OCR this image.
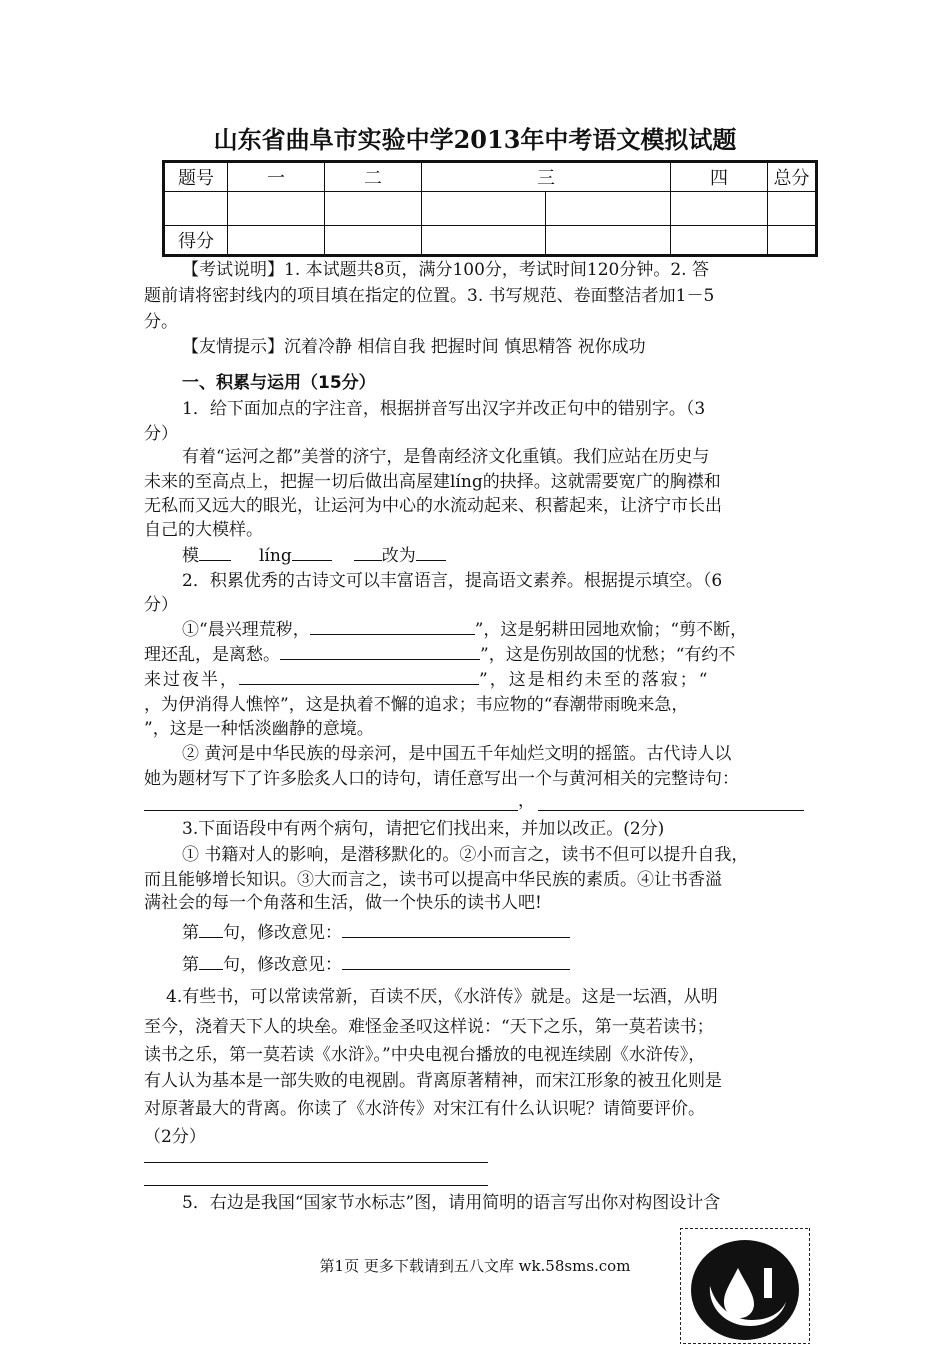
山东省曲阜市实验中学2013年中考语文模拟试题
题号	一	二	三		四	总分

得分						
【考试说明】1. 本试题共8页，满分100分，考试时间120分钟。2. 答
题前请将密封线内的项目填在指定的位置。3. 书写规范、卷面整洁者加1－5
分。
【友情提示】沉着冷静 相信自我 把握时间 慎思精答 祝你成功
一、积累与运用（15分）
1．给下面加点的字注音，根据拼音写出汉字并改正句中的错别字。（3
分）
有着“运河之都”美誉的济宁，是鲁南经济文化重镇。我们应站在历史与
未来的至高点上，把握一切后做出高屋建líng的抉择。这就需要宽广的胸襟和
无私而又远大的眼光，让运河为中心的水流动起来、积蓄起来，让济宁市长出
自己的大模样。
模	líng	改为
2．积累优秀的古诗文可以丰富语言，提高语文素养。根据提示填空。（6
分）
①“晨兴理荒秽，	”，这是躬耕田园地欢愉；“剪不断，
理还乱，是离愁。	”，这是伤别故国的忧愁；“有约不
来过夜半，	”，这是相约未至的落寂；“
，为伊消得人憔悴”，这是执着不懈的追求；韦应物的“春潮带雨晚来急，
”，这是一种恬淡幽静的意境。
② 黄河是中华民族的母亲河，是中国五千年灿烂文明的摇篮。古代诗人以
她为题材写下了许多脍炙人口的诗句，请任意写出一个与黄河相关的完整诗句：
，
3.下面语段中有两个病句，请把它们找出来，并加以改正。(2分)
① 书籍对人的影响，是潜移默化的。②小而言之，读书不但可以提升自我，
而且能够增长知识。③大而言之，读书可以提高中华民族的素质。④让书香溢
满社会的每一个角落和生活，做一个快乐的读书人吧!
第 句，修改意见：
第 句，修改意见：
4.有些书，可以常读常新，百读不厌，《水浒传》就是。这是一坛酒，从明
至今，浇着天下人的块垒。难怪金圣叹这样说：“天下之乐，第一莫若读书；
读书之乐，第一莫若读《水浒》。”中央电视台播放的电视连续剧《水浒传》，
有人认为基本是一部失败的电视剧。背离原著精神，而宋江形象的被丑化则是
对原著最大的背离。你读了《水浒传》对宋江有什么认识呢？请简要评价。
（2分）
5．右边是我国“国家节水标志”图，请用简明的语言写出你对构图设计含
第1页 更多下载请到五八文库 wk.58sms.com
